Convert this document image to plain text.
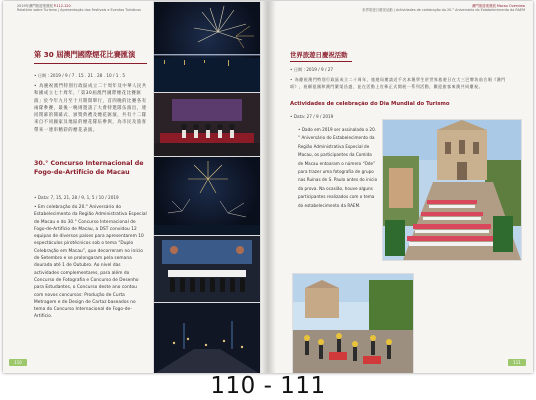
2019年澳門旅遊業發展 P.112-120
Relatório sobre Turismo | Apresentação dos Festivais e Eventos Turísticos
第 30 屆澳門國際煙花比賽匯演
• 日期 : 2019 / 9 / 7 . 15 . 21 . 28 . 10 / 1 . 5
• 為慶祝澳門特別行政區成立二十周年及中華人民共和國成立七十周年，「第30屆澳門國際煙花比賽匯演」於今年九月至十月期間舉行，首四晚的比賽各有兩隊參賽，最後一晚則邀請了大會特邀隊伍演出，連同閉幕的開幕式、頒獎典禮及煙花匯演，共有十二隊來自不同國家及地區的煙花隊伍參與，為市民及旅客帶來一連串精彩的煙花表演。
30.° Concurso Internacional de
Fogo-de-Artifício de Macau
• Data: 7, 15, 21, 28 / 9, 1, 5 / 10 / 2019
• Em celebração do 20.° Aniversário do Estabelecimento da Região Administrativa Especial de Macau e do 30.° Concurso Internacional de Fogo-de-Artifício de Macau, a DST convidou 12 equipas de diversos países para apresentarem 10 espectáculos pirotécnicos sob o tema “Duplo Celebração em Macau”, que decorreram no início de Setembro e se prolongaram pela semana dourada até 1 de Outubro. Ao nível das actividades complementares, para além do Concurso de Fotografia e Concurso de Desenho para Estudantes, o Concurso deste ano contou com novos concursos: Produção de Curta Metragem e de Design de Cartaz baseados no tema do Concurso Internacional de Fogo-de-Artifício.
110
澳門旅遊業發展 Macau Overview
世界旅遊日慶祝活動 | Actividades de celebração do 20.° Aniversário do Estabelecimento da RAEM
世界旅遊日慶祝活動
• 日期 : 2019 / 9 / 27
• 為慶祝澳門特別行政區成立二十周年，旅遊局邀請近千名本澳學生於世界旅遊日在大三巴牌坊前合唱《澳門頌》，祝願祖國和澳門繁榮昌盛，並在活動上宣佈正式開展一系列活動，歡迎旅客來澳共同慶祝。
Actividades de celebração do Dia Mundial do Turismo
• Data: 27 / 9 / 2019
• Dado em 2019 ser assinalado o 20.° Aniversário do Estabelecimento da Região Administrativa Especial de Macau, os participantes da Comida de Macau entoaram o número “Ode” para trazer uma fotografia de grupo nas Ruínas de S. Paulo antes do início da prova. Na ocasião, houve alguns participantes realizados com o tema do estabelecimento da RAEM.
111
110 - 111
